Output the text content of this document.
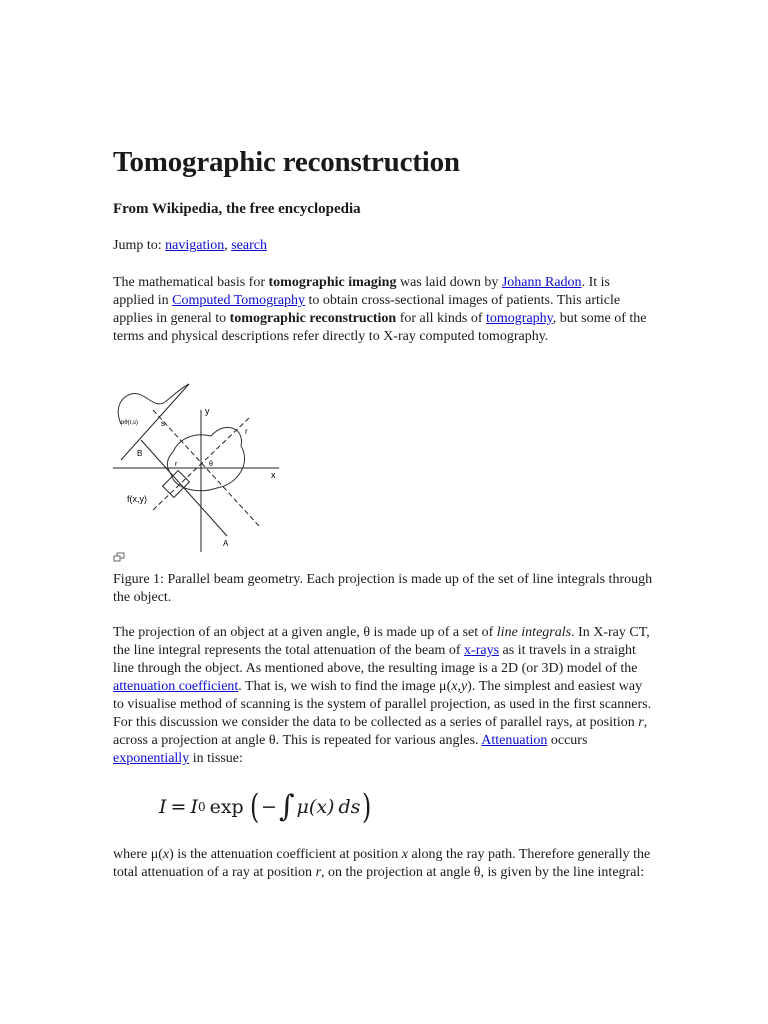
Tomographic reconstruction
From Wikipedia, the free encyclopedia
Jump to: navigation, search

The mathematical basis for tomographic imaging was laid down by Johann Radon. It is applied in Computed Tomography to obtain cross-sectional images of patients. This article applies in general to tomographic reconstruction for all kinds of tomography, but some of the terms and physical descriptions refer directly to X-ray computed tomography.

y
x
r
s
B
A
θ
r
f(x,y)
pθ(r,s)
Figure 1: Parallel beam geometry. Each projection is made up of the set of line integrals through the object.

The projection of an object at a given angle, θ is made up of a set of line integrals. In X-ray CT, the line integral represents the total attenuation of the beam of x-rays as it travels in a straight line through the object. As mentioned above, the resulting image is a 2D (or 3D) model of the attenuation coefficient. That is, we wish to find the image μ(x,y). The simplest and easiest way to visualise method of scanning is the system of parallel projection, as used in the first scanners. For this discussion we consider the data to be collected as a series of parallel rays, at position r, across a projection at angle θ. This is repeated for various angles. Attenuation occurs exponentially in tissue:

I = I 0 exp ( − ∫ μ (x) ds )

where μ(x) is the attenuation coefficient at position x along the ray path. Therefore generally the total attenuation of a ray at position r, on the projection at angle θ, is given by the line integral:
